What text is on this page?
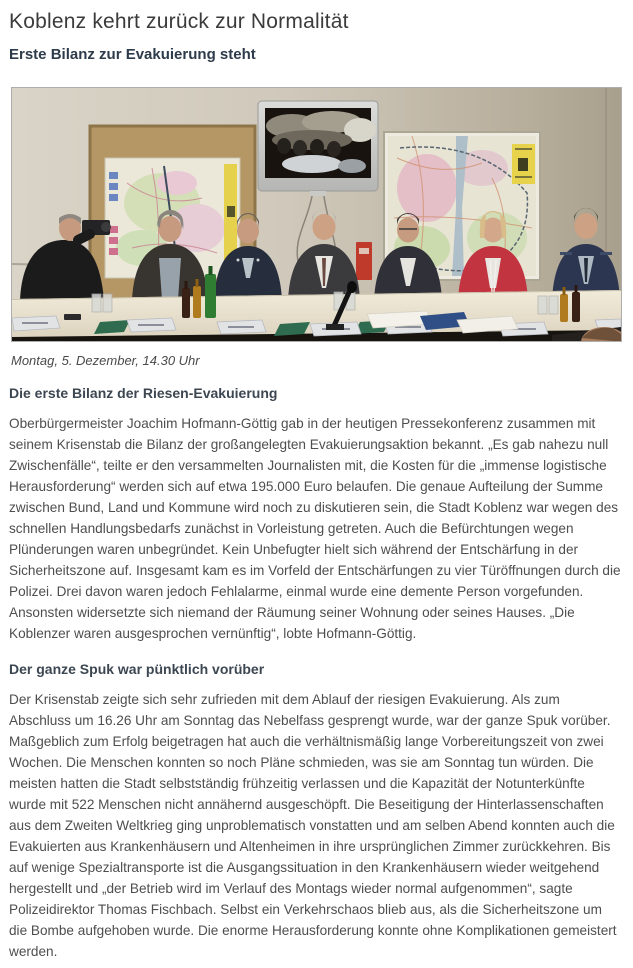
Koblenz kehrt zurück zur Normalität
Erste Bilanz zur Evakuierung steht
Montag, 5. Dezember, 14.30 Uhr
Die erste Bilanz der Riesen-Evakuierung

Oberbürgermeister Joachim Hofmann-Göttig gab in der heutigen Pressekonferenz zusammen mit seinem Krisenstab die Bilanz der großangelegten Evakuierungsaktion bekannt. „Es gab nahezu null Zwischenfälle“, teilte er den versammelten Journalisten mit, die Kosten für die „immense logistische Herausforderung“ werden sich auf etwa 195.000 Euro belaufen. Die genaue Aufteilung der Summe zwischen Bund, Land und Kommune wird noch zu diskutieren sein, die Stadt Koblenz war wegen des schnellen Handlungsbedarfs zunächst in Vorleistung getreten. Auch die Befürchtungen wegen Plünderungen waren unbegründet. Kein Unbefugter hielt sich während der Entschärfung in der Sicherheitszone auf. Insgesamt kam es im Vorfeld der Entschärfungen zu vier Türöffnungen durch die Polizei. Drei davon waren jedoch Fehlalarme, einmal wurde eine demente Person vorgefunden. Ansonsten widersetzte sich niemand der Räumung seiner Wohnung oder seines Hauses. „Die Koblenzer waren ausgesprochen vernünftig“, lobte Hofmann-Göttig.

Der ganze Spuk war pünktlich vorüber

Der Krisenstab zeigte sich sehr zufrieden mit dem Ablauf der riesigen Evakuierung. Als zum Abschluss um 16.26 Uhr am Sonntag das Nebelfass gesprengt wurde, war der ganze Spuk vorüber. Maßgeblich zum Erfolg beigetragen hat auch die verhältnismäßig lange Vorbereitungszeit von zwei Wochen. Die Menschen konnten so noch Pläne schmieden, was sie am Sonntag tun würden. Die meisten hatten die Stadt selbstständig frühzeitig verlassen und die Kapazität der Notunterkünfte wurde mit 522 Menschen nicht annähernd ausgeschöpft. Die Beseitigung der Hinterlassenschaften aus dem Zweiten Weltkrieg ging unproblematisch vonstatten und am selben Abend konnten auch die Evakuierten aus Krankenhäusern und Altenheimen in ihre ursprünglichen Zimmer zurückkehren. Bis auf wenige Spezialtransporte ist die Ausgangssituation in den Krankenhäusern wieder weitgehend hergestellt und „der Betrieb wird im Verlauf des Montags wieder normal aufgenommen“, sagte Polizeidirektor Thomas Fischbach. Selbst ein Verkehrschaos blieb aus, als die Sicherheitszone um die Bombe aufgehoben wurde. Die enorme Herausforderung konnte ohne Komplikationen gemeistert werden.
